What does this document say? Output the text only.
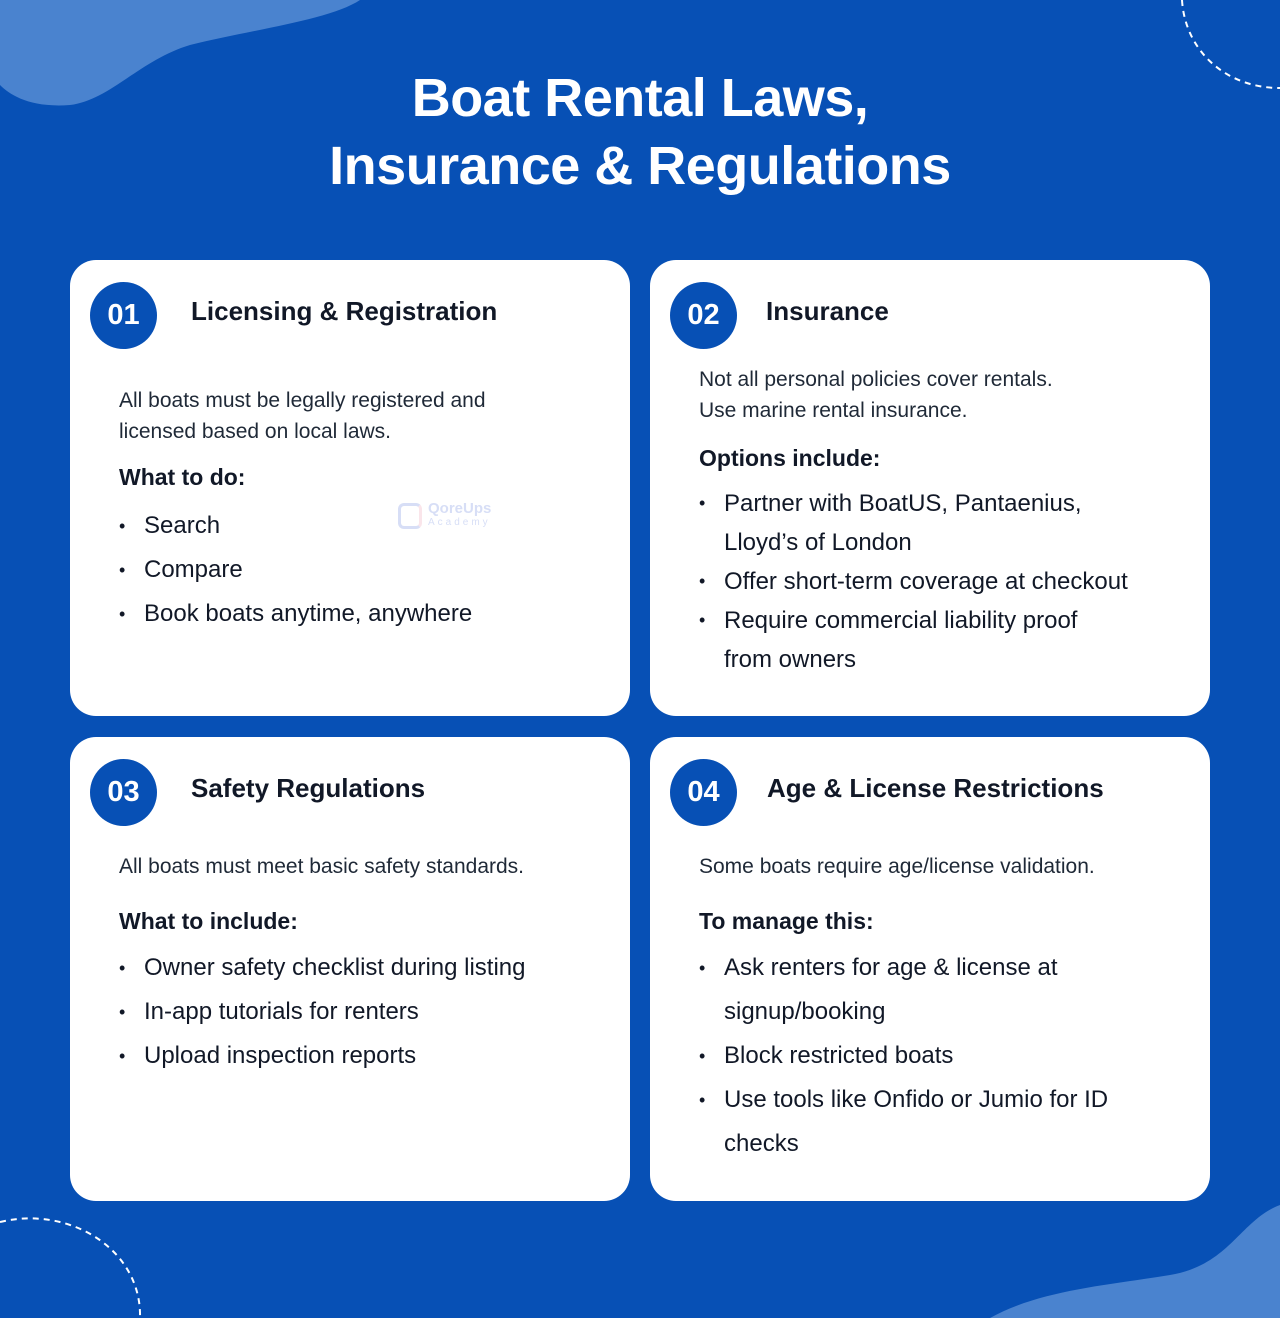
Boat Rental Laws,
Insurance & Regulations
01	Licensing & Registration
All boats must be legally registered and
licensed based on local laws.
What to do:
• Search
• Compare
• Book boats anytime, anywhere
QoreUps
Academy
02	Insurance
Not all personal policies cover rentals.
Use marine rental insurance.
Options include:
• Partner with BoatUS, Pantaenius,
Lloyd’s of London
• Offer short-term coverage at checkout
• Require commercial liability proof
from owners
03	Safety Regulations
All boats must meet basic safety standards.
What to include:
• Owner safety checklist during listing
• In-app tutorials for renters
• Upload inspection reports
04	Age & License Restrictions
Some boats require age/license validation.
To manage this:
• Ask renters for age & license at
signup/booking
• Block restricted boats
• Use tools like Onfido or Jumio for ID
checks
